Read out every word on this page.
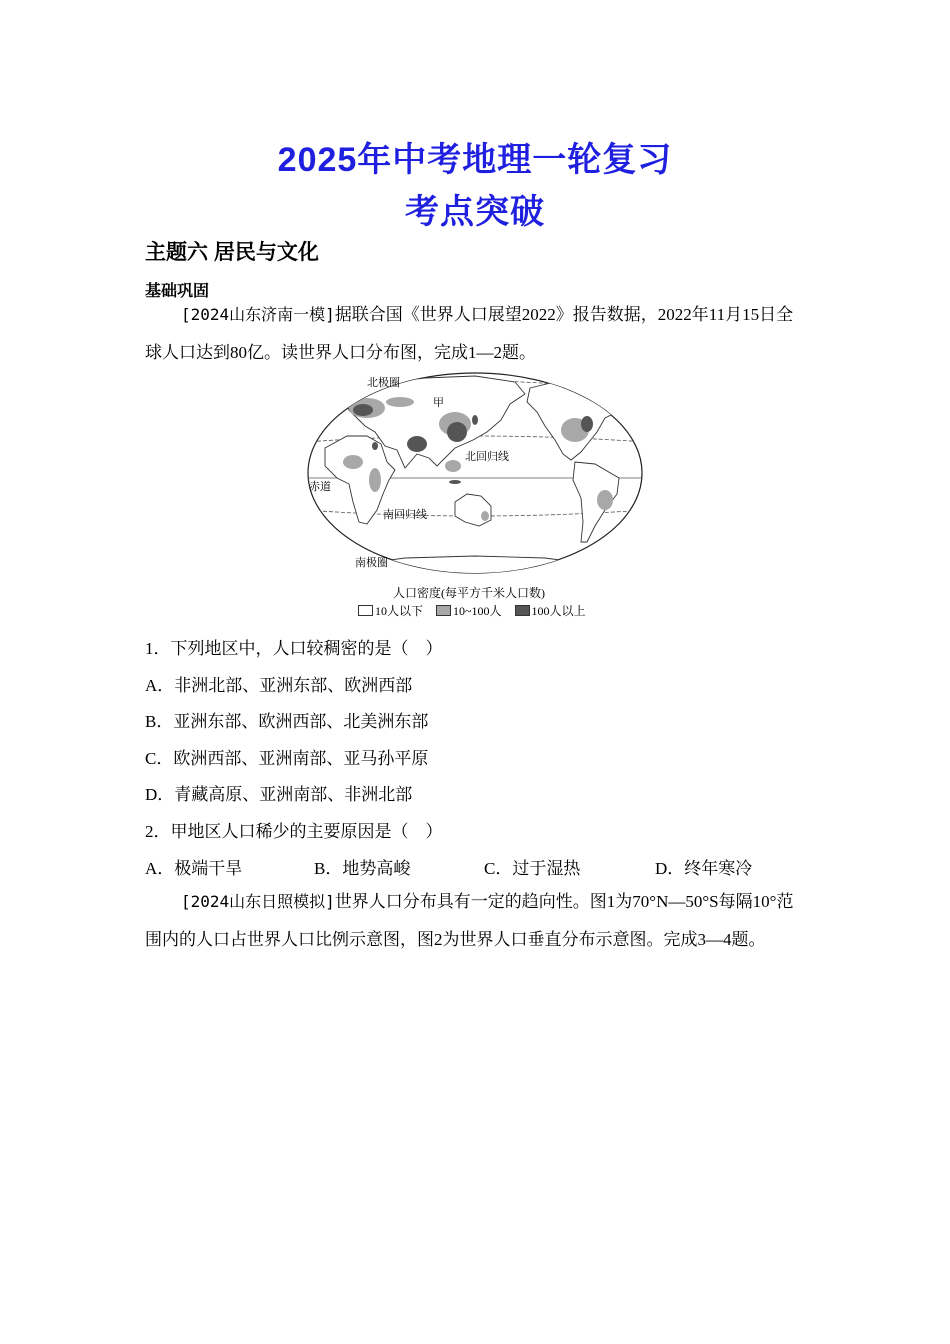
2025年中考地理一轮复习
考点突破
主题六 居民与文化
基础巩固
[2024山东济南一模]据联合国《世界人口展望2022》报告数据，2022年11月15日全球人口达到80亿。读世界人口分布图，完成1—2题。
北极圈
甲
北回归线
赤道
南回归线
南极圈
人口密度(每平方千米人口数)
10人以下	10~100人	100人以上
1．下列地区中，人口较稠密的是（　）
A．非洲北部、亚洲东部、欧洲西部
B．亚洲东部、欧洲西部、北美洲东部
C．欧洲西部、亚洲南部、亚马孙平原
D．青藏高原、亚洲南部、非洲北部
2．甲地区人口稀少的主要原因是（　）
A．极端干旱	B．地势高峻	C．过于湿热	D．终年寒冷
[2024山东日照模拟]世界人口分布具有一定的趋向性。图1为70°N—50°S每隔10°范围内的人口占世界人口比例示意图，图2为世界人口垂直分布示意图。完成3—4题。
